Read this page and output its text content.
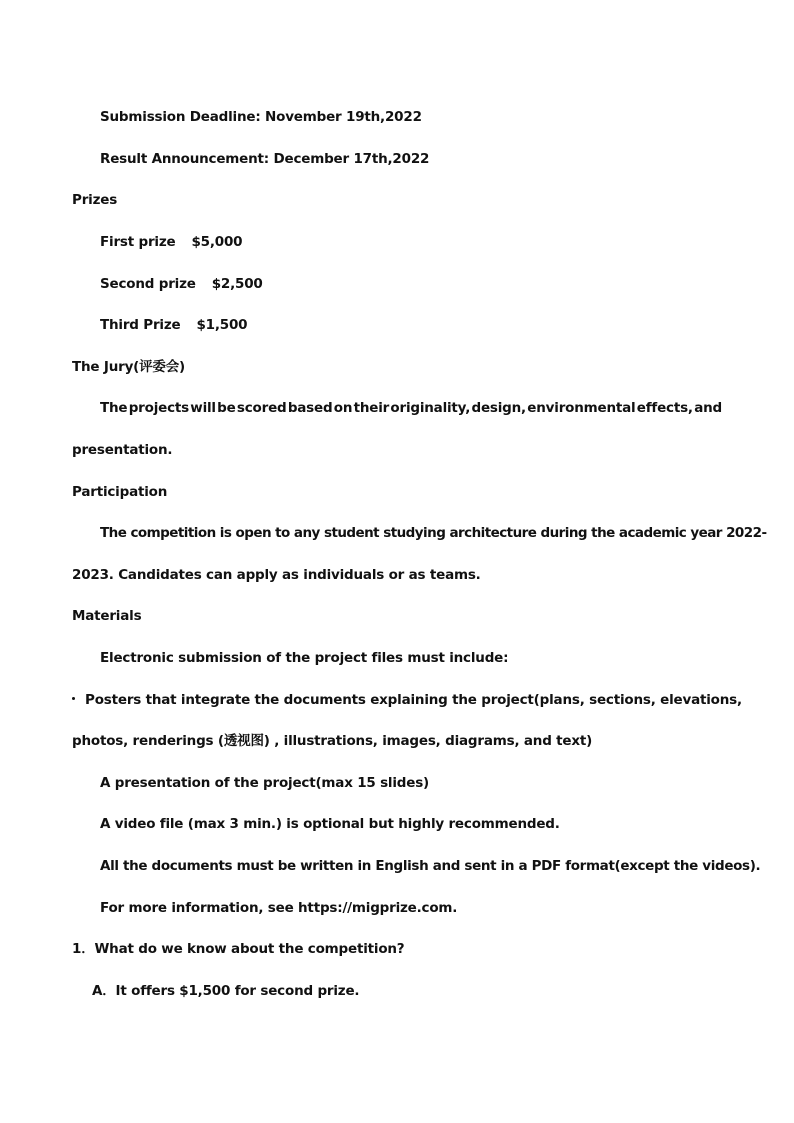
Submission Deadline: November 19th,2022
Result Announcement: December 17th,2022
Prizes
First prize $5,000
Second prize $2,500
Third Prize $1,500
The Jury(评委会)
The projects will be scored based on their originality, design, environmental effects, and
presentation.
Participation
The competition is open to any student studying architecture during the academic year 2022-
2023. Candidates can apply as individuals or as teams.
Materials
Electronic submission of the project files must include:
Posters that integrate the documents explaining the project(plans, sections, elevations,
photos, renderings (透视图) , illustrations, images, diagrams, and text)
A presentation of the project(max 15 slides)
A video file (max 3 min.) is optional but highly recommended.
All the documents must be written in English and sent in a PDF format(except the videos).
For more information, see https://migprize.com.
1．What do we know about the competition?
A．It offers $1,500 for second prize.
